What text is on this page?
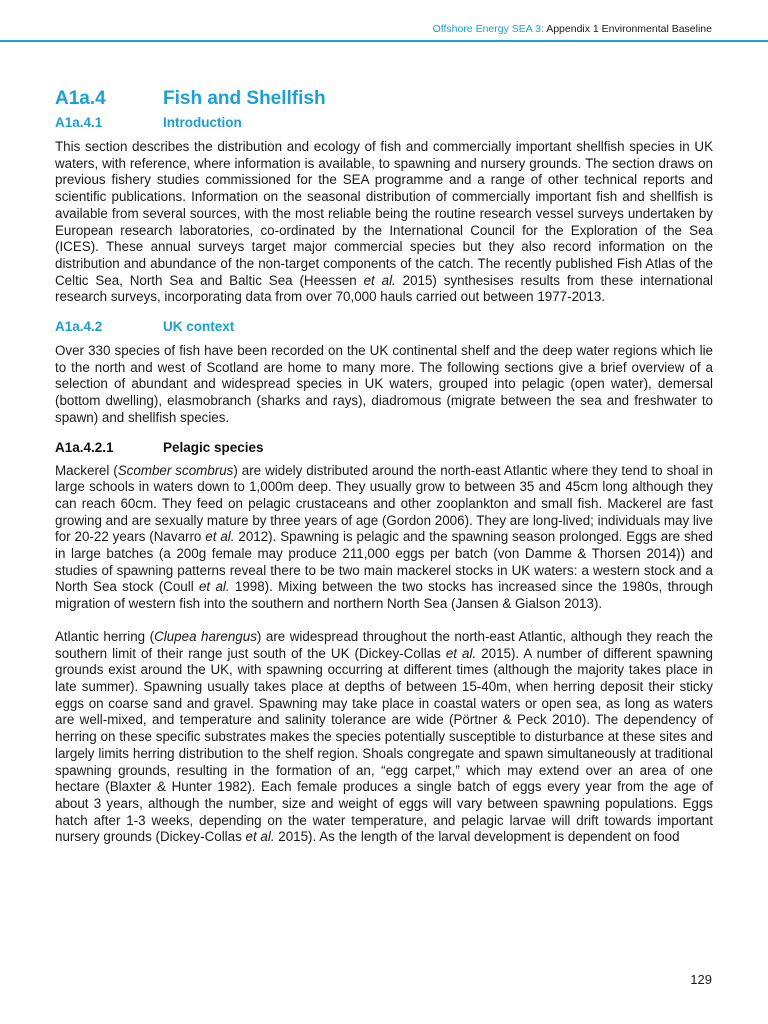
Offshore Energy SEA 3: Appendix 1 Environmental Baseline
A1a.4	Fish and Shellfish
A1a.4.1	Introduction

This section describes the distribution and ecology of fish and commercially important shellfish species in UK waters, with reference, where information is available, to spawning and nursery grounds. The section draws on previous fishery studies commissioned for the SEA programme and a range of other technical reports and scientific publications. Information on the seasonal distribution of commercially important fish and shellfish is available from several sources, with the most reliable being the routine research vessel surveys undertaken by European research laboratories, co-ordinated by the International Council for the Exploration of the Sea (ICES). These annual surveys target major commercial species but they also record information on the distribution and abundance of the non-target components of the catch. The recently published Fish Atlas of the Celtic Sea, North Sea and Baltic Sea (Heessen et al. 2015) synthesises results from these international research surveys, incorporating data from over 70,000 hauls carried out between 1977-2013.

A1a.4.2	UK context

Over 330 species of fish have been recorded on the UK continental shelf and the deep water regions which lie to the north and west of Scotland are home to many more. The following sections give a brief overview of a selection of abundant and widespread species in UK waters, grouped into pelagic (open water), demersal (bottom dwelling), elasmobranch (sharks and rays), diadromous (migrate between the sea and freshwater to spawn) and shellfish species.

A1a.4.2.1	Pelagic species

Mackerel (Scomber scombrus) are widely distributed around the north-east Atlantic where they tend to shoal in large schools in waters down to 1,000m deep. They usually grow to between 35 and 45cm long although they can reach 60cm. They feed on pelagic crustaceans and other zooplankton and small fish. Mackerel are fast growing and are sexually mature by three years of age (Gordon 2006). They are long-lived; individuals may live for 20-22 years (Navarro et al. 2012). Spawning is pelagic and the spawning season prolonged. Eggs are shed in large batches (a 200g female may produce 211,000 eggs per batch (von Damme & Thorsen 2014)) and studies of spawning patterns reveal there to be two main mackerel stocks in UK waters: a western stock and a North Sea stock (Coull et al. 1998). Mixing between the two stocks has increased since the 1980s, through migration of western fish into the southern and northern North Sea (Jansen & Gialson 2013).

Atlantic herring (Clupea harengus) are widespread throughout the north-east Atlantic, although they reach the southern limit of their range just south of the UK (Dickey-Collas et al. 2015). A number of different spawning grounds exist around the UK, with spawning occurring at different times (although the majority takes place in late summer). Spawning usually takes place at depths of between 15-40m, when herring deposit their sticky eggs on coarse sand and gravel. Spawning may take place in coastal waters or open sea, as long as waters are well-mixed, and temperature and salinity tolerance are wide (Pörtner & Peck 2010). The dependency of herring on these specific substrates makes the species potentially susceptible to disturbance at these sites and largely limits herring distribution to the shelf region. Shoals congregate and spawn simultaneously at traditional spawning grounds, resulting in the formation of an, “egg carpet,” which may extend over an area of one hectare (Blaxter & Hunter 1982). Each female produces a single batch of eggs every year from the age of about 3 years, although the number, size and weight of eggs will vary between spawning populations. Eggs hatch after 1-3 weeks, depending on the water temperature, and pelagic larvae will drift towards important nursery grounds (Dickey-Collas et al. 2015). As the length of the larval development is dependent on food

129
